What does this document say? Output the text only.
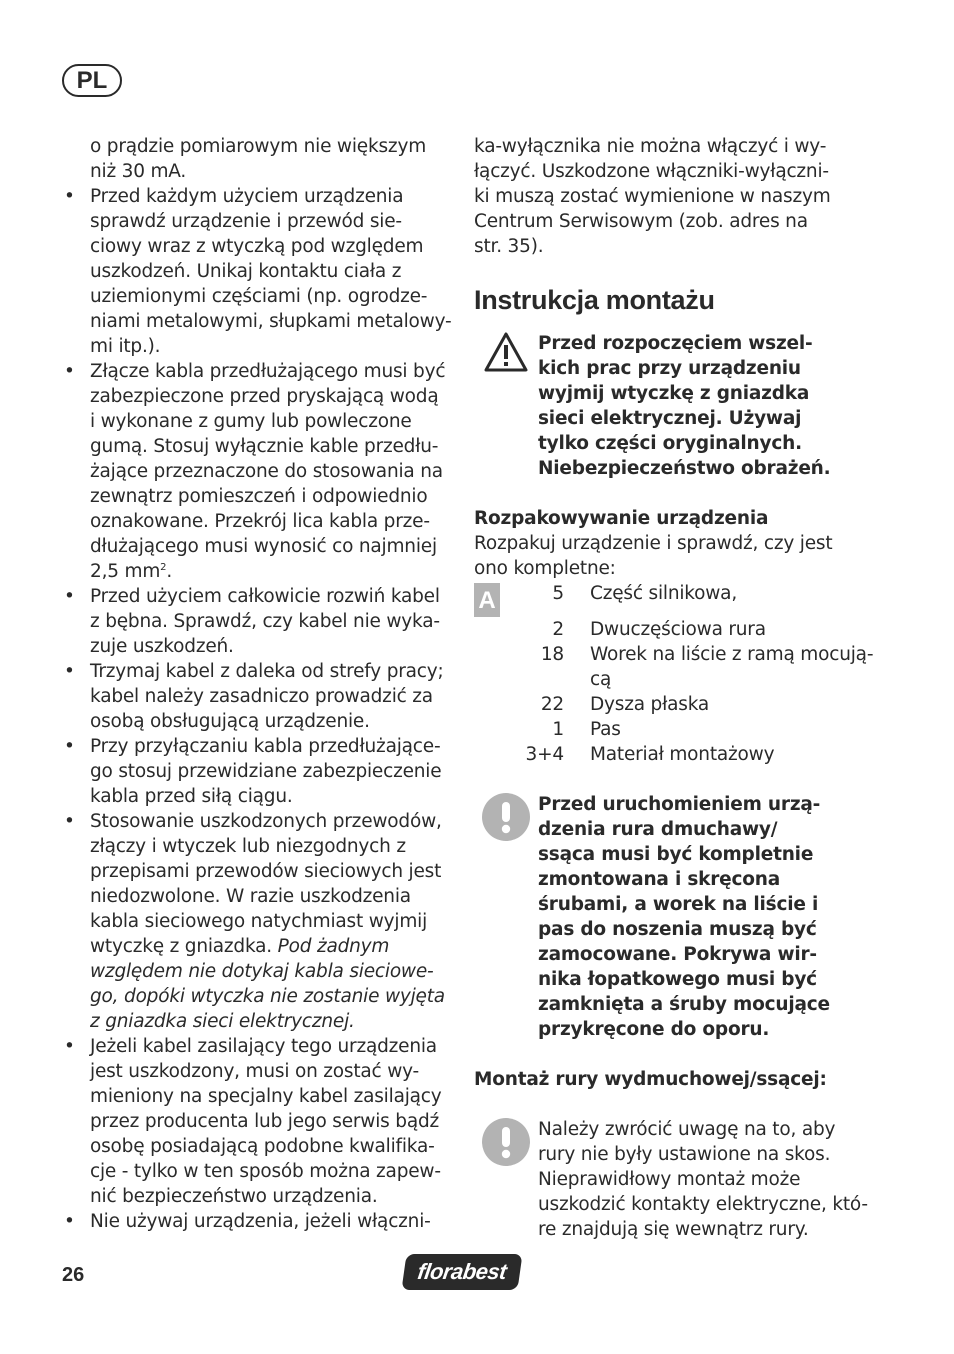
PL

o prądzie pomiarowym nie większym
niż 30 mA.

• Przed każdym użyciem urządzenia
sprawdź urządzenie i przewód sie-
ciowy wraz z wtyczką pod względem
uszkodzeń. Unikaj kontaktu ciała z
uziemionymi częściami (np. ogrodze-
niami metalowymi, słupkami metalowy-
mi itp.).
• Złącze kabla przedłużającego musi być
zabezpieczone przed pryskającą wodą
i wykonane z gumy lub powleczone
gumą. Stosuj wyłącznie kable przedłu-
żające przeznaczone do stosowania na
zewnątrz pomieszczeń i odpowiednio
oznakowane. Przekrój lica kabla prze-
dłużającego musi wynosić co najmniej
2,5 $mm^2$.
• Przed użyciem całkowicie rozwiń kabel
z bębna. Sprawdź, czy kabel nie wyka-
zuje uszkodzeń.
• Trzymaj kabel z daleka od strefy pracy;
kabel należy zasadniczo prowadzić za
osobą obsługującą urządzenie.
• Przy przyłączaniu kabla przedłużające-
go stosuj przewidziane zabezpieczenie
kabla przed siłą ciągu.
• Stosowanie uszkodzonych przewodów,
złączy i wtyczek lub niezgodnych z
przepisami przewodów sieciowych jest
niedozwolone. W razie uszkodzenia
kabla sieciowego natychmiast wyjmij
wtyczkę z gniazdka. Pod żadnym
względem nie dotykaj kabla sieciowe-
go, dopóki wtyczka nie zostanie wyjęta
z gniazdka sieci elektrycznej.
• Jeżeli kabel zasilający tego urządzenia
jest uszkodzony, musi on zostać wy-
mieniony na specjalny kabel zasilający
przez producenta lub jego serwis bądź
osobę posiadającą podobne kwalifika-
cje - tylko w ten sposób można zapew-
nić bezpieczeństwo urządzenia.
• Nie używaj urządzenia, jeżeli włączni-

ka-wyłącznika nie można włączyć i wy-
łączyć. Uszkodzone włączniki-wyłączni-
ki muszą zostać wymienione w naszym
Centrum Serwisowym (zob. adres na
str. 35).

Instrukcja montażu
Przed rozpoczęciem wszel-
kich prac przy urządzeniu
wyjmij wtyczkę z gniazdka
sieci elektrycznej. Używaj
tylko części oryginalnych.
Niebezpieczeństwo obrażeń.

Rozpakowywanie urządzenia

Rozpakuj urządzenie i sprawdź, czy jest
ono kompletne:

A	5	Część silnikowa,
	2	Dwuczęściowa rura
	18	Worek na liście z ramą mocują-
cą
	22	Dysza płaska
	1	Pas
	3+4	Materiał montażowy
Przed uruchomieniem urzą-
dzenia rura dmuchawy/
ssąca musi być kompletnie
zmontowana i skręcona
śrubami, a worek na liście i
pas do noszenia muszą być
zamocowane. Pokrywa wir-
nika łopatkowego musi być
zamknięta a śruby mocujące
przykręcone do oporu.

Montaż rury wydmuchowej/ssącej:

Należy zwrócić uwagę na to, aby
rury nie były ustawione na skos.
Nieprawidłowy montaż może
uszkodzić kontakty elektryczne, któ-
re znajdują się wewnątrz rury.
26	florabest
